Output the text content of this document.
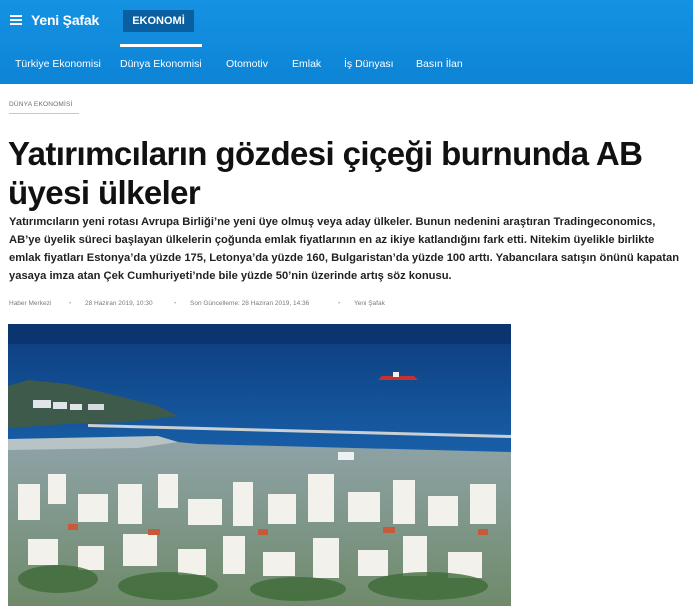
Yeni Şafak	EKONOMİ
Türkiye Ekonomisi Dünya Ekonomisi Otomotiv Emlak İş Dünyası Basın İlan
DÜNYA EKONOMİSİ
Yatırımcıların gözdesi çiçeği burnunda AB üyesi ülkeler

Yatırımcıların yeni rotası Avrupa Birliği’ne yeni üye olmuş veya aday ülkeler. Bunun nedenini araştıran Tradingeconomics, AB’ye üyelik süreci başlayan ülkelerin çoğunda emlak fiyatlarının en az ikiye katlandığını fark etti. Nitekim üyelikle birlikte emlak fiyatları Estonya’da yüzde 175, Letonya’da yüzde 160, Bulgaristan’da yüzde 100 arttı. Yabancılara satışın önünü kapatan yasaya imza atan Çek Cumhuriyeti’nde bile yüzde 50’nin üzerinde artış söz konusu.

Haber Merkezi	• 28 Haziran 2019, 10:30	• Son Güncelleme: 28 Haziran 2019, 14:36	• Yeni Şafak
